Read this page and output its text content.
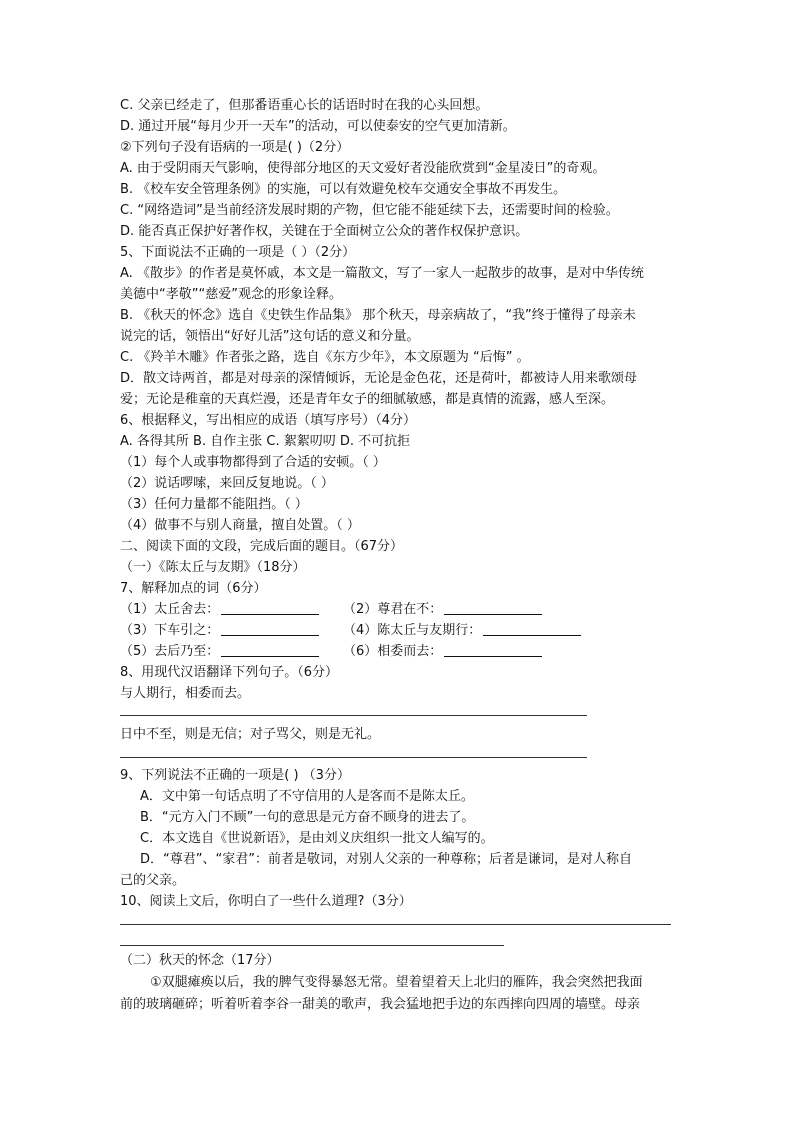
C. 父亲已经走了，但那番语重心长的话语时时在我的心头回想。
D. 通过开展“每月少开一天车”的活动，可以使泰安的空气更加清新。
②下列句子没有语病的一项是( )（2分）
A. 由于受阴雨天气影响，使得部分地区的天文爱好者没能欣赏到“金星凌日”的奇观。
B. 《校车安全管理条例》的实施，可以有效避免校车交通安全事故不再发生。
C. “网络造词”是当前经济发展时期的产物，但它能不能延续下去，还需要时间的检验。
D. 能否真正保护好著作权，关键在于全面树立公众的著作权保护意识。
5、下面说法不正确的一项是（ ）（2分）
A. 《散步》的作者是莫怀戚，本文是一篇散文，写了一家人一起散步的故事，是对中华传统
美德中“孝敬”“慈爱”观念的形象诠释。
B. 《秋天的怀念》选自《史铁生作品集》 那个秋天，母亲病故了，“我”终于懂得了母亲未
说完的话，领悟出“好好儿活”这句话的意义和分量。
C. 《羚羊木雕》作者张之路，选自《东方少年》，本文原题为 “后悔” 。
D．散文诗两首，都是对母亲的深情倾诉，无论是金色花，还是荷叶，都被诗人用来歌颂母
爱；无论是稚童的天真烂漫，还是青年女子的细腻敏感，都是真情的流露，感人至深。
6、根据释义，写出相应的成语（填写序号）（4分）
A. 各得其所 B. 自作主张 C. 絮絮叨叨 D. 不可抗拒
（1）每个人或事物都得到了合适的安顿。（ ）
（2）说话啰嗦，来回反复地说。（ ）
（3）任何力量都不能阻挡。（ ）
（4）做事不与别人商量，擅自处置。（ ）
二、阅读下面的文段，完成后面的题目。（67分）
（一）《陈太丘与友期》（18分）
7、解释加点的词（6分）
（1）太丘舍去：	（2）尊君在不：
（3）下车引之：	（4）陈太丘与友期行：
（5）去后乃至：	（6）相委而去：
8、用现代汉语翻译下列句子。（6分）
与人期行，相委而去。
日中不至，则是无信；对子骂父，则是无礼。
9、下列说法不正确的一项是( ) （3分）
A．文中第一句话点明了不守信用的人是客而不是陈太丘。
B．“元方入门不顾”一句的意思是元方奋不顾身的进去了。
C．本文选自《世说新语》，是由刘义庆组织一批文人编写的。
D．“尊君”、“家君”：前者是敬词，对别人父亲的一种尊称；后者是谦词，是对人称自
己的父亲。
10、阅读上文后，你明白了一些什么道理?（3分）
（二）秋天的怀念（17分）
①双腿瘫痪以后，我的脾气变得暴怒无常。望着望着天上北归的雁阵，我会突然把我面
前的玻璃砸碎；听着听着李谷一甜美的歌声，我会猛地把手边的东西摔向四周的墙壁。母亲
